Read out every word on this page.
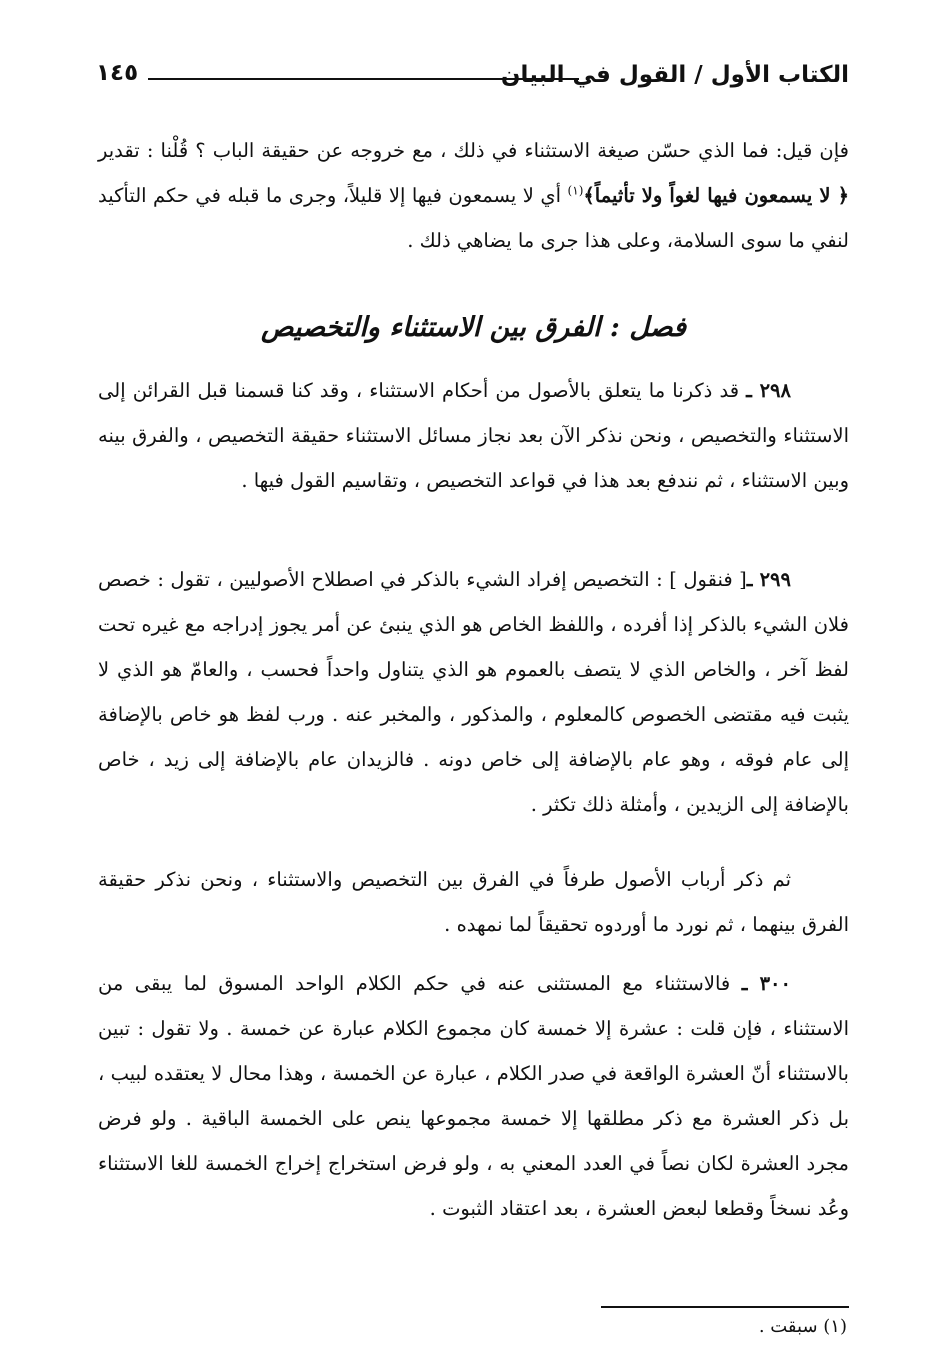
الكتاب الأول / القول في البيان
١٤٥

فإن قيل: فما الذي حسّن صيغة الاستثناء في ذلك ، مع خروجه عن حقيقة الباب ؟ قُلْنا : تقدير ﴿ لا يسمعون فيها لغواً ولا تأثيماً﴾$^{(١)}$ أي لا يسمعون فيها إلا قليلاً، وجرى ما قبله في حكم التأكيد لنفي ما سوى السلامة، وعلى هذا جرى ما يضاهي ذلك .

فصل : الفرق بين الاستثناء والتخصيص

٢٩٨ ـ قد ذكرنا ما يتعلق بالأصول من أحكام الاستثناء ، وقد كنا قسمنا قبل القرائن إلى الاستثناء والتخصيص ، ونحن نذكر الآن بعد نجاز مسائل الاستثناء حقيقة التخصيص ، والفرق بينه وبين الاستثناء ، ثم نندفع بعد هذا في قواعد التخصيص ، وتقاسيم القول فيها .

٢٩٩ ـ[ فنقول ] : التخصيص إفراد الشيء بالذكر في اصطلاح الأصوليين ، تقول : خصص فلان الشيء بالذكر إذا أفرده ، واللفظ الخاص هو الذي ينبئ عن أمر يجوز إدراجه مع غيره تحت لفظ آخر ، والخاص الذي لا يتصف بالعموم هو الذي يتناول واحداً فحسب ، والعامّ هو الذي لا يثبت فيه مقتضى الخصوص كالمعلوم ، والمذكور ، والمخبر عنه . ورب لفظ هو خاص بالإضافة إلى عام فوقه ، وهو عام بالإضافة إلى خاص دونه . فالزيدان عام بالإضافة إلى زيد ، خاص بالإضافة إلى الزيدين ، وأمثلة ذلك تكثر .

ثم ذكر أرباب الأصول طرفاً في الفرق بين التخصيص والاستثناء ، ونحن نذكر حقيقة الفرق بينهما ، ثم نورد ما أوردوه تحقيقاً لما نمهده .

٣٠٠ ـ فالاستثناء مع المستثنى عنه في حكم الكلام الواحد المسوق لما يبقى من الاستثناء ، فإن قلت : عشرة إلا خمسة كان مجموع الكلام عبارة عن خمسة . ولا تقول : تبين بالاستثناء أنّ العشرة الواقعة في صدر الكلام ، عبارة عن الخمسة ، وهذا محال لا يعتقده لبيب ، بل ذكر العشرة مع ذكر مطلقها إلا خمسة مجموعها ينص على الخمسة الباقية . ولو فرض مجرد العشرة لكان نصاً في العدد المعني به ، ولو فرض استخراج إخراج الخمسة للغا الاستثناء وعُد نسخاً وقطعا لبعض العشرة ، بعد اعتقاد الثبوت .

(١) سبقت .
